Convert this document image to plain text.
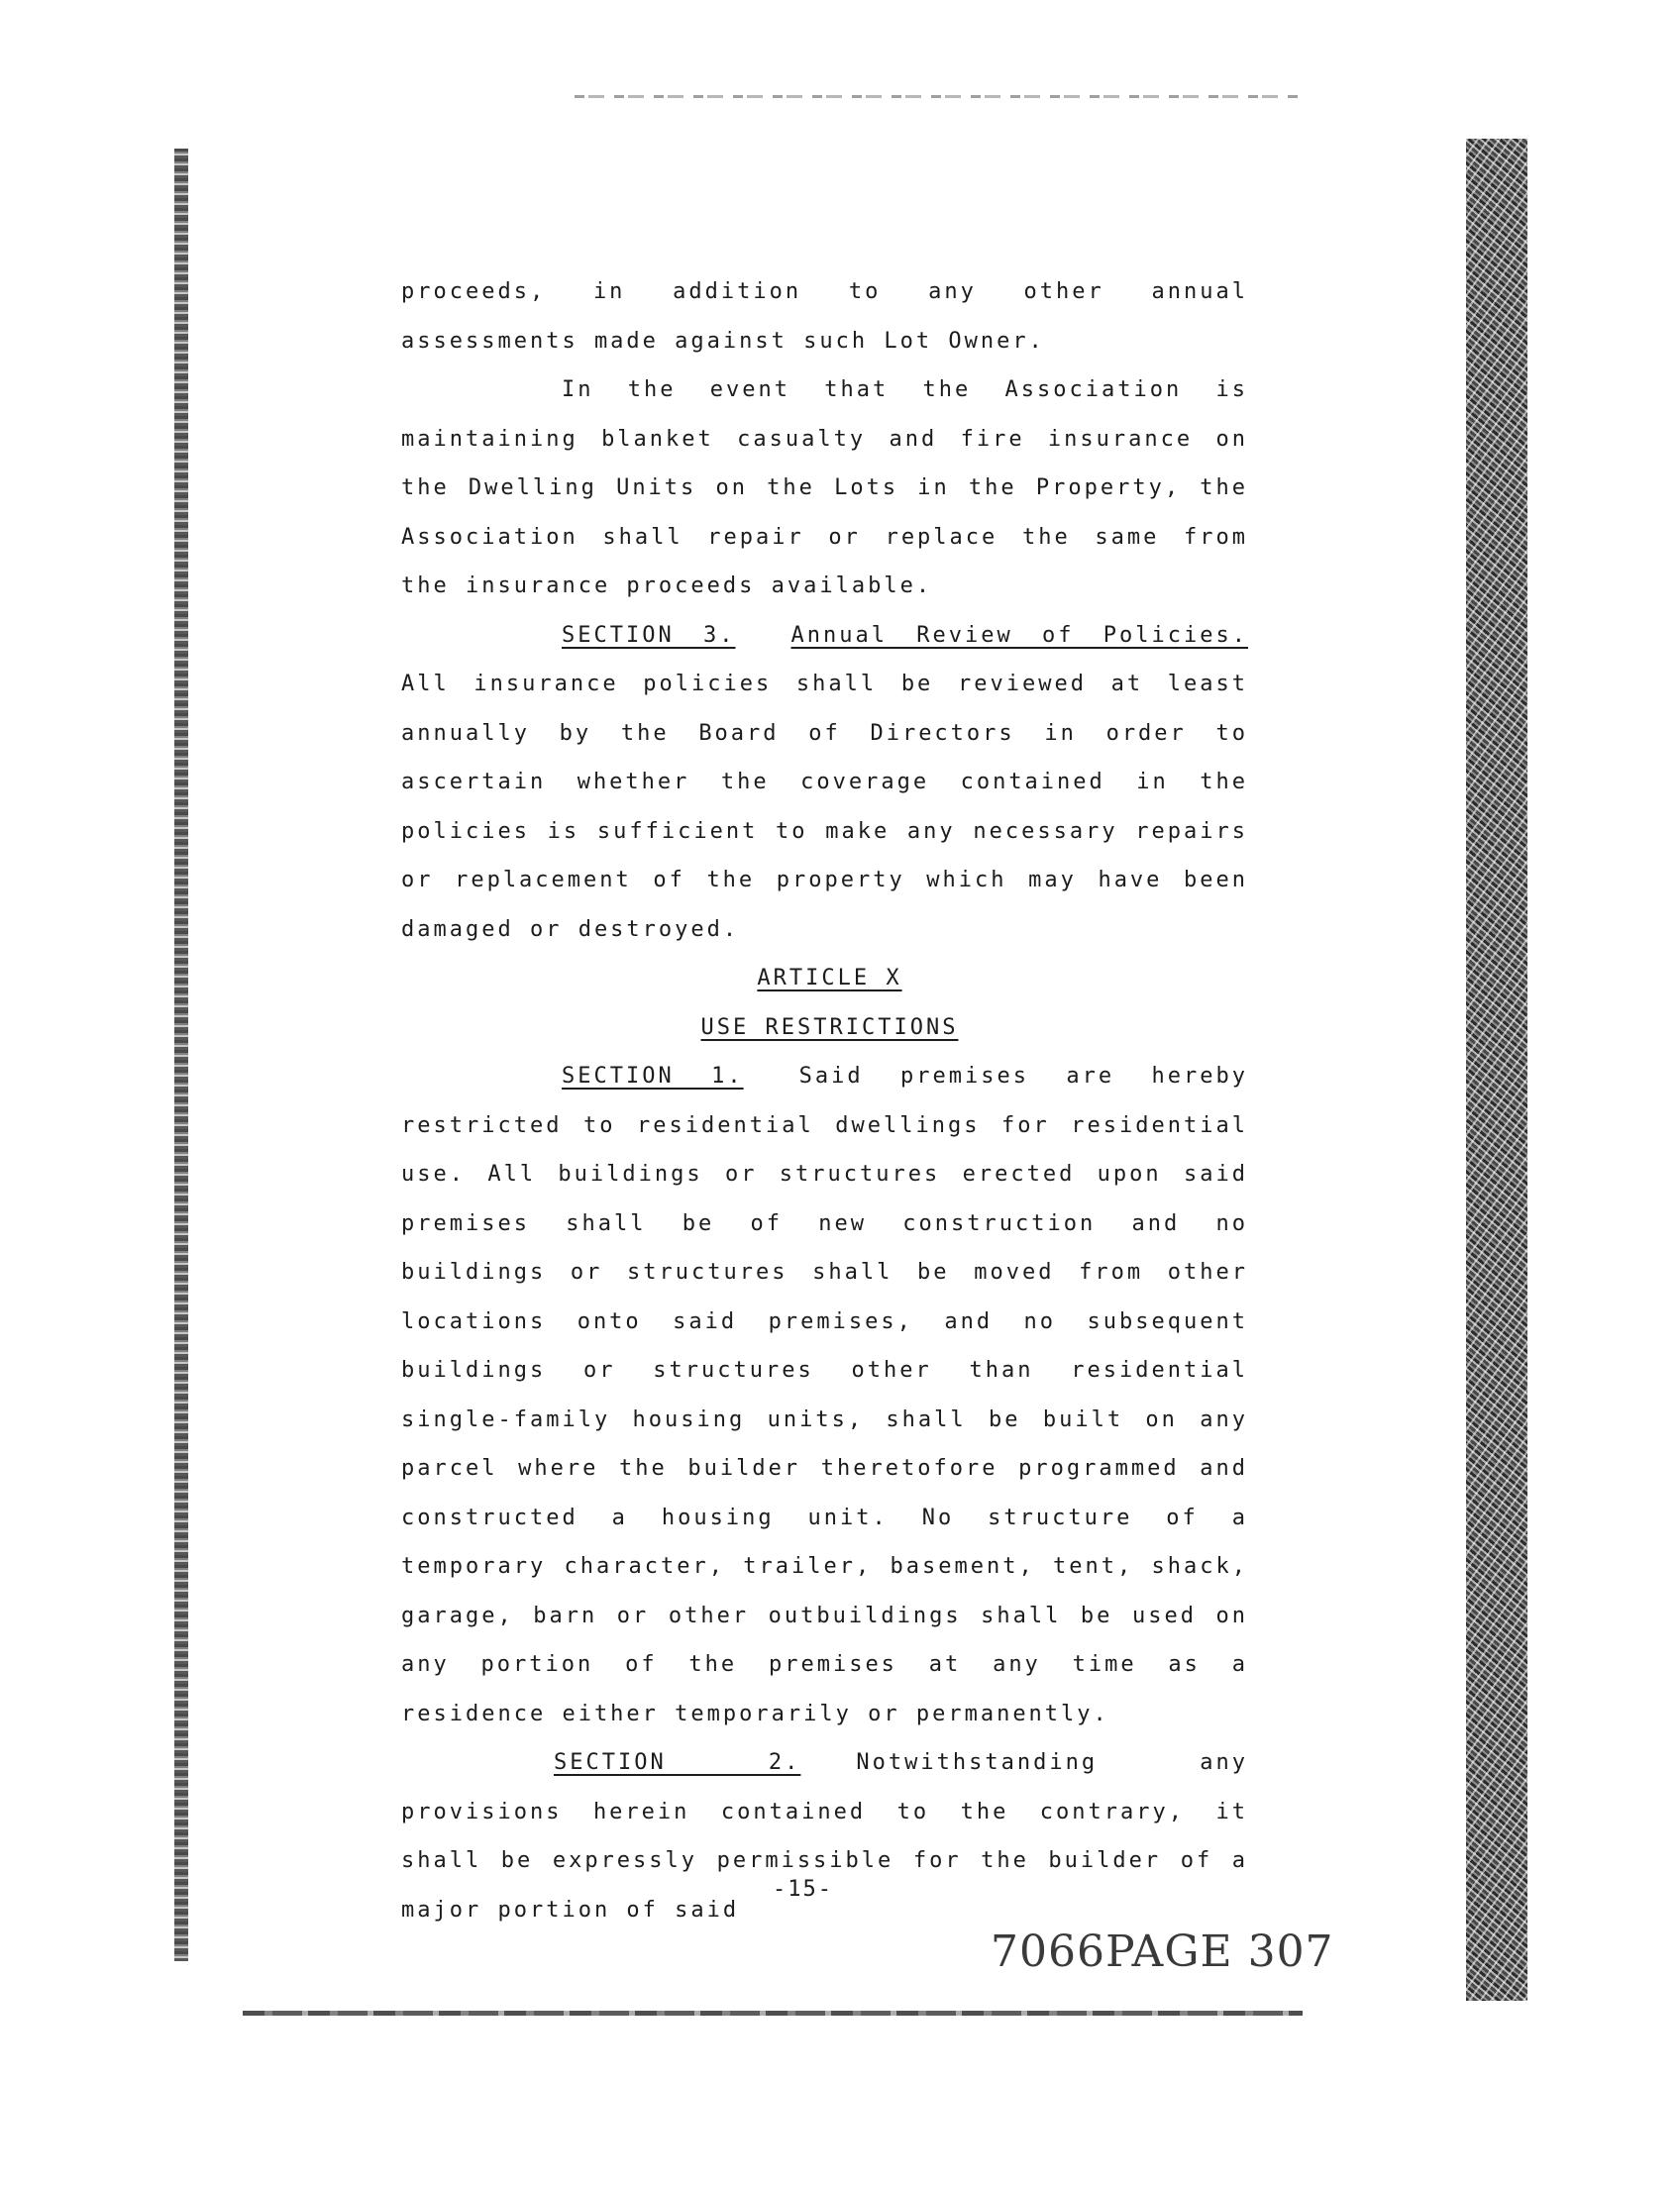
proceeds, in addition to any other annual assessments made against such Lot Owner.

In the event that the Association is maintaining blanket casualty and fire insurance on the Dwelling Units on the Lots in the Property, the Association shall repair or replace the same from the insurance proceeds available.

SECTION 3.	Annual Review of Policies. All insurance policies shall be reviewed at least annually by the Board of Directors in order to ascertain whether the coverage contained in the policies is sufficient to make any necessary repairs or replacement of the property which may have been damaged or destroyed.

ARTICLE X

USE RESTRICTIONS

SECTION 1.	Said premises are hereby restricted to residential dwellings for residential use. All buildings or structures erected upon said premises shall be of new construction and no buildings or structures shall be moved from other locations onto said premises, and no subsequent buildings or structures other than residential single-family housing units, shall be built on any parcel where the builder theretofore programmed and constructed a housing unit. No structure of a temporary character, trailer, basement, tent, shack, garage, barn or other outbuildings shall be used on any portion of the premises at any time as a residence either temporarily or permanently.

SECTION 2.	Notwithstanding any provisions herein contained to the contrary, it shall be expressly permissible for the builder of a major portion of said

-15-
7066PAGE 307
